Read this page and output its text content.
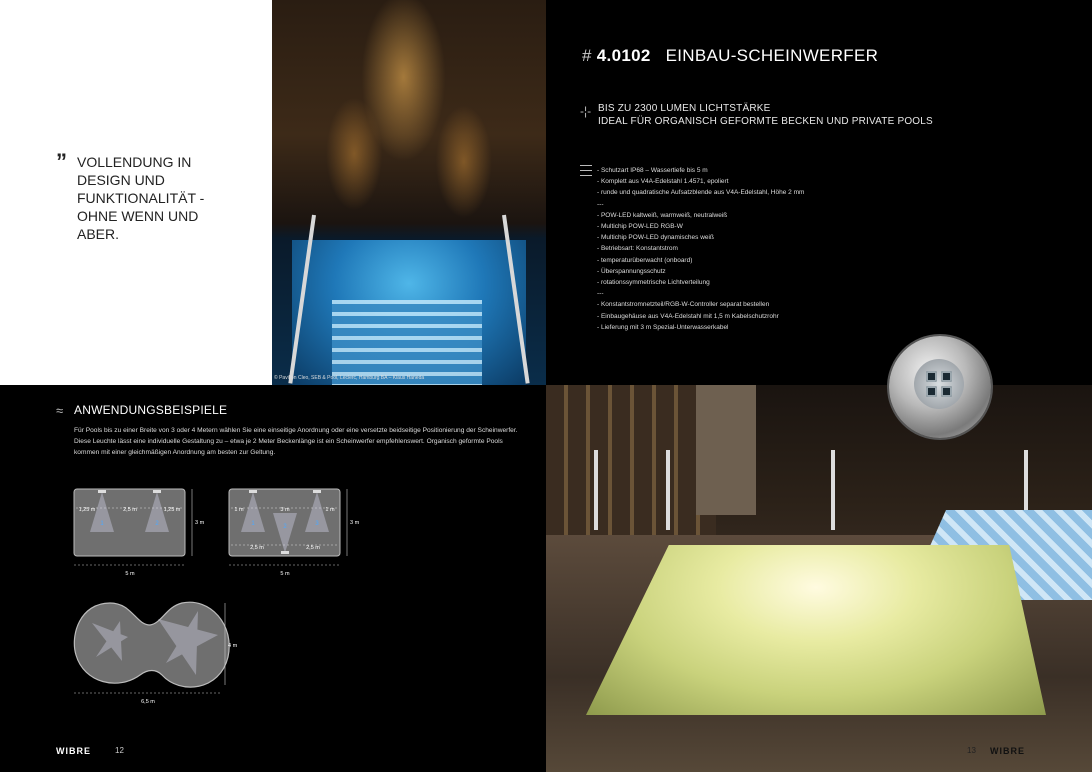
© Pavillon Cleo, SEB & Pool, Leclerc, Hamburg BA – Klaus Haneda
” VOLLENDUNG IN DESIGN UND FUNKTIONALITÄT - OHNE WENN UND ABER.
# 4.0102 EINBAU-SCHEINWERFER
-¦- BIS ZU 2300 LUMEN LICHTSTÄRKE
IDEAL FÜR ORGANISCH GEFORMTE BECKEN UND PRIVATE POOLS
- Schutzart IP68 – Wassertiefe bis 5 m
- Komplett aus V4A-Edelstahl 1.4571, epoliert
- runde und quadratische Aufsatzblende aus V4A-Edelstahl, Höhe 2 mm
---
- POW-LED kaltweiß, warmweiß, neutralweiß
- Multichip POW-LED RGB-W
- Multichip POW-LED dynamisches weiß
- Betriebsart: Konstantstrom
- temperaturüberwacht (onboard)
- Überspannungsschutz
- rotationssymmetrische Lichtverteilung
---
- Konstantstromnetzteil/RGB-W-Controller separat bestellen
- Einbaugehäuse aus V4A-Edelstahl mit 1,5 m Kabelschutzrohr
- Lieferung mit 3 m Spezial-Unterwasserkabel
≈ ANWENDUNGSBEISPIELE
Für Pools bis zu einer Breite von 3 oder 4 Metern wählen Sie eine einseitige Anordnung oder eine versetzte beidseitige Positionierung der Scheinwerfer. Diese Leuchte lässt eine individuelle Gestaltung zu – etwa je 2 Meter Beckenlänge ist ein Scheinwerfer empfehlenswert. Organisch geformte Pools kommen mit einer gleichmäßigen Anordnung am besten zur Geltung.
1,25 m	2,5 m	1,25 m
1	2	3 m
5 m
1 m	3 m	1 m
2,5 m	2,5 m
1	2	3	3 m
5 m
4 m
6,5 m
WIBRE	12	13 WIBRE
